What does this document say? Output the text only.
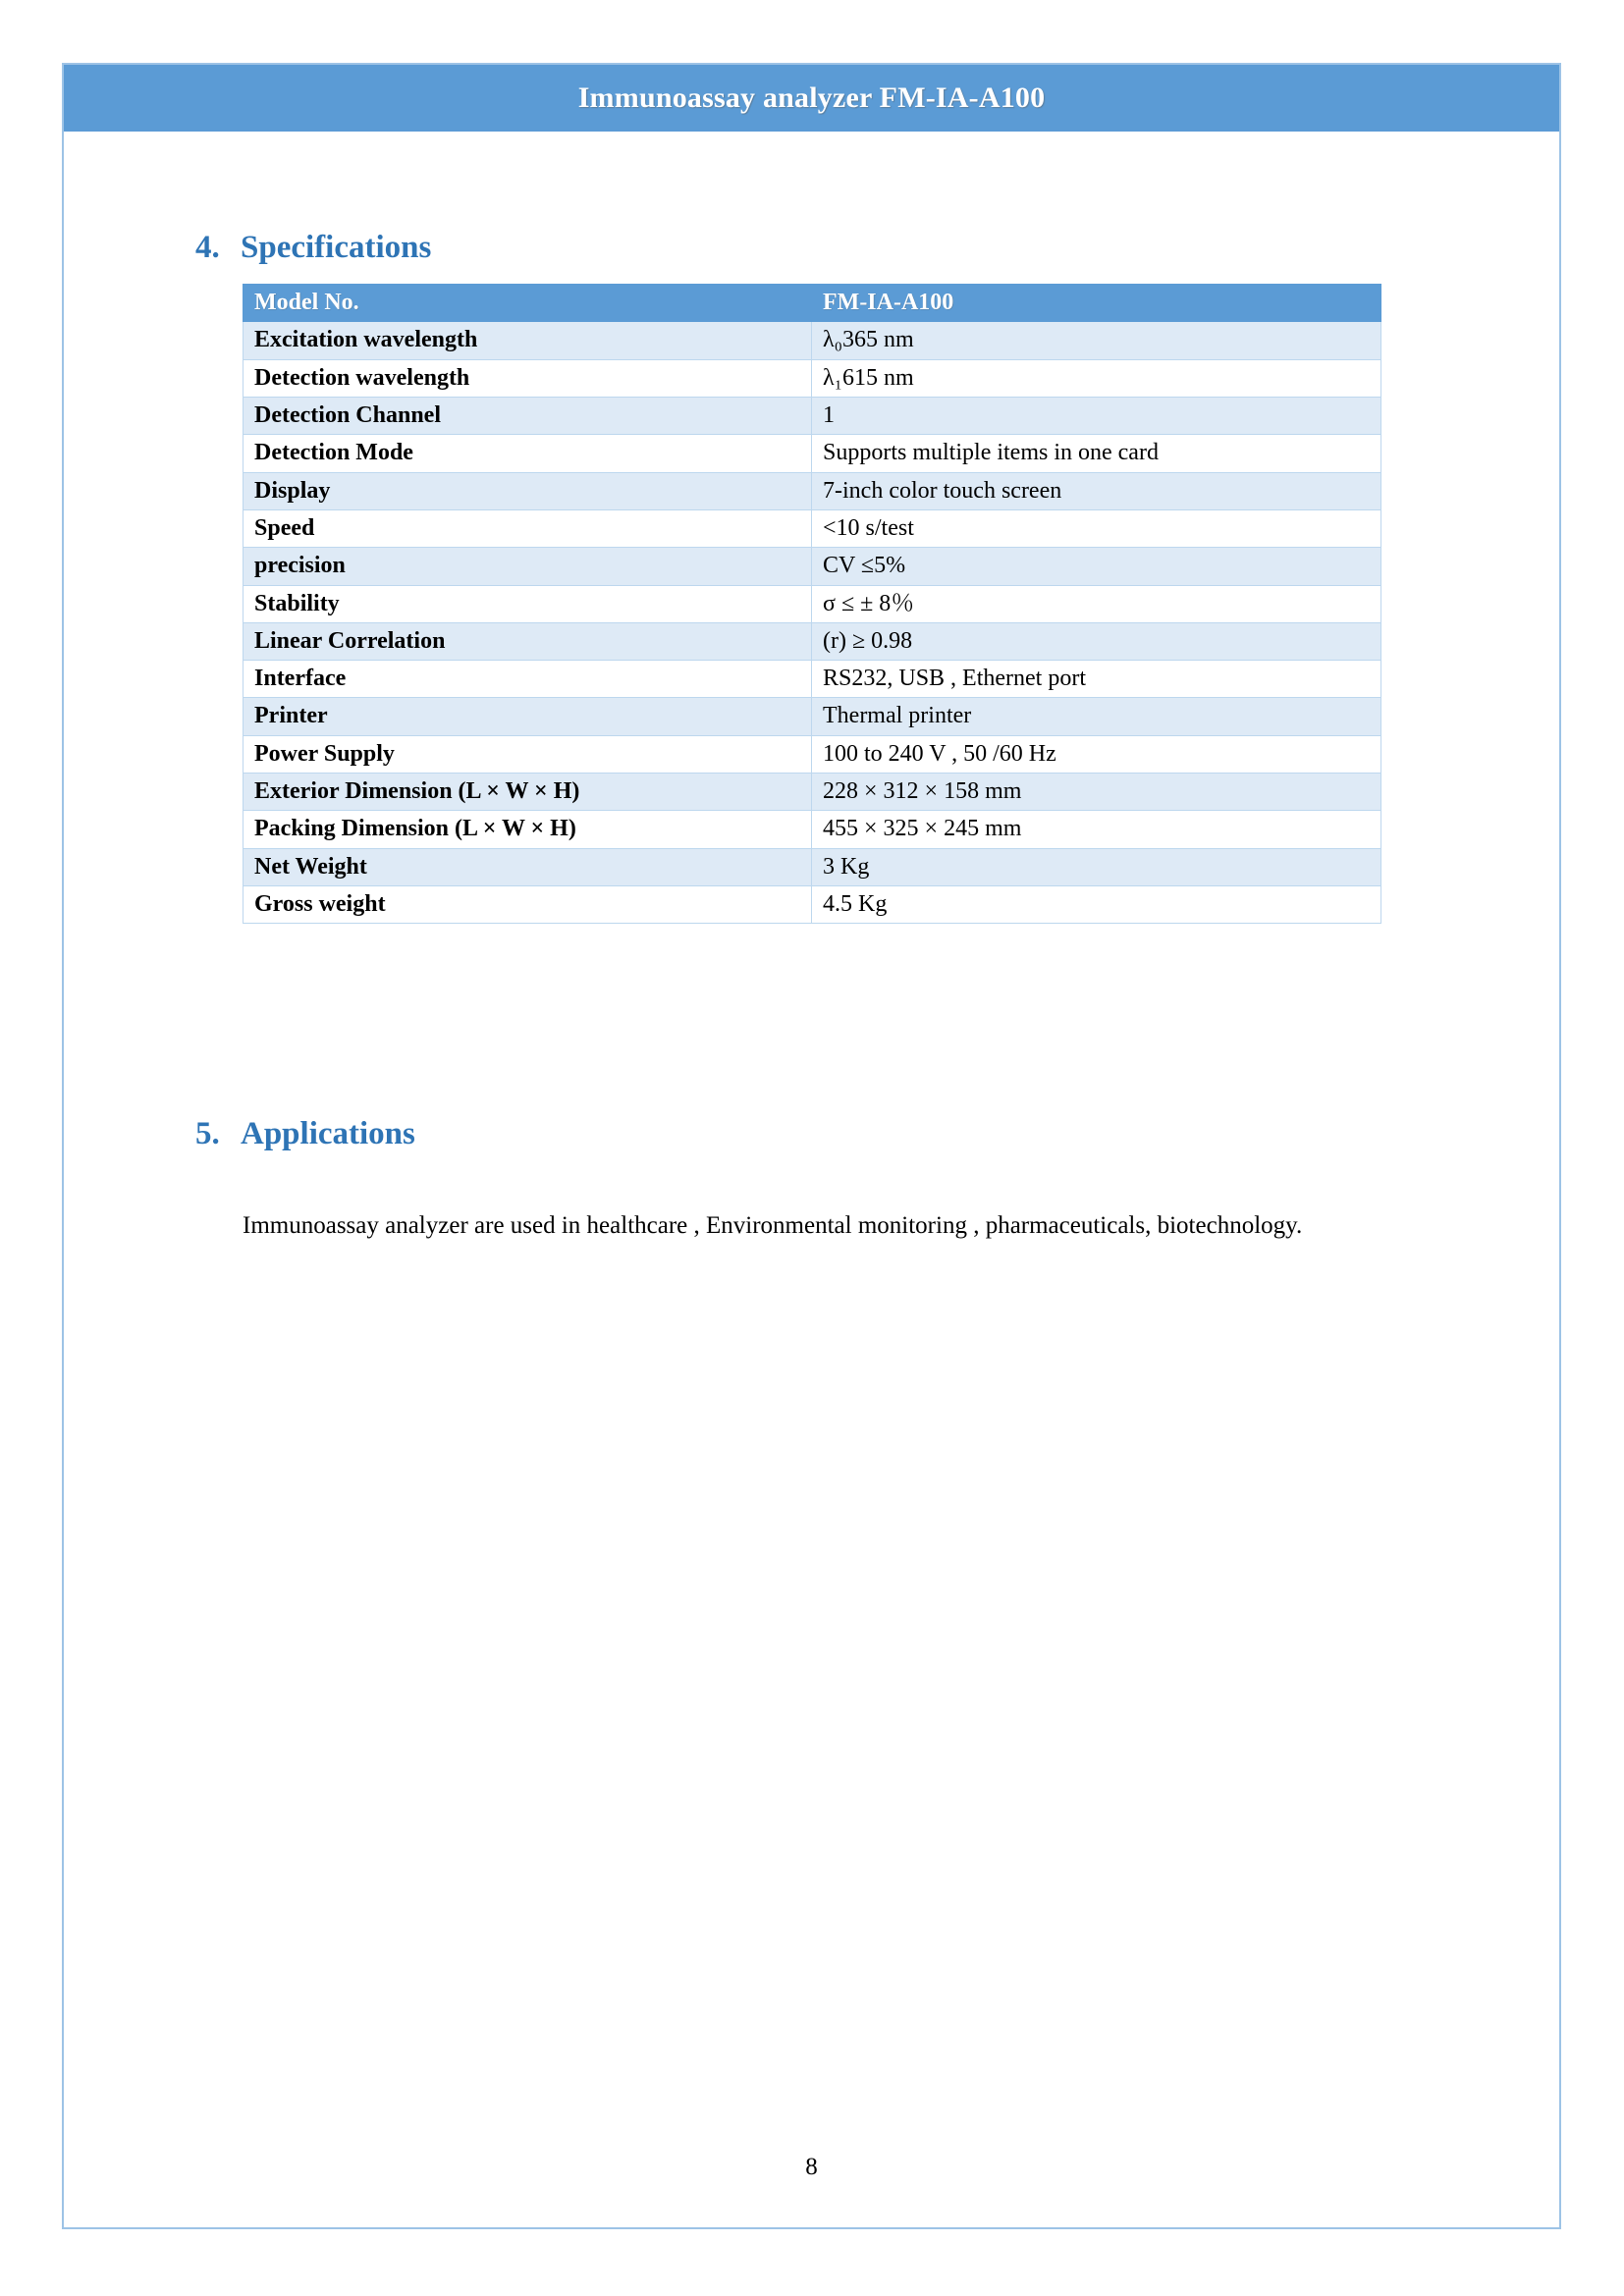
Immunoassay analyzer FM-IA-A100
4. Specifications
Model No.	FM-IA-A100
Excitation wavelength	λ₀365 nm
Detection wavelength	λ₁615 nm
Detection Channel	1
Detection Mode	Supports multiple items in one card
Display	7-inch color touch screen
Speed	<10 s/test
precision	CV ≤5%
Stability	σ ≤ ± 8％
Linear Correlation	(r) ≥ 0.98
Interface	RS232, USB , Ethernet port
Printer	Thermal printer
Power Supply	100 to 240 V , 50 /60 Hz
Exterior Dimension (L × W × H)	228 × 312 × 158 mm
Packing Dimension (L × W × H)	455 × 325 × 245 mm
Net Weight	3 Kg
Gross weight	4.5 Kg
5. Applications

Immunoassay analyzer are used in healthcare , Environmental monitoring , pharmaceuticals, biotechnology.

8
